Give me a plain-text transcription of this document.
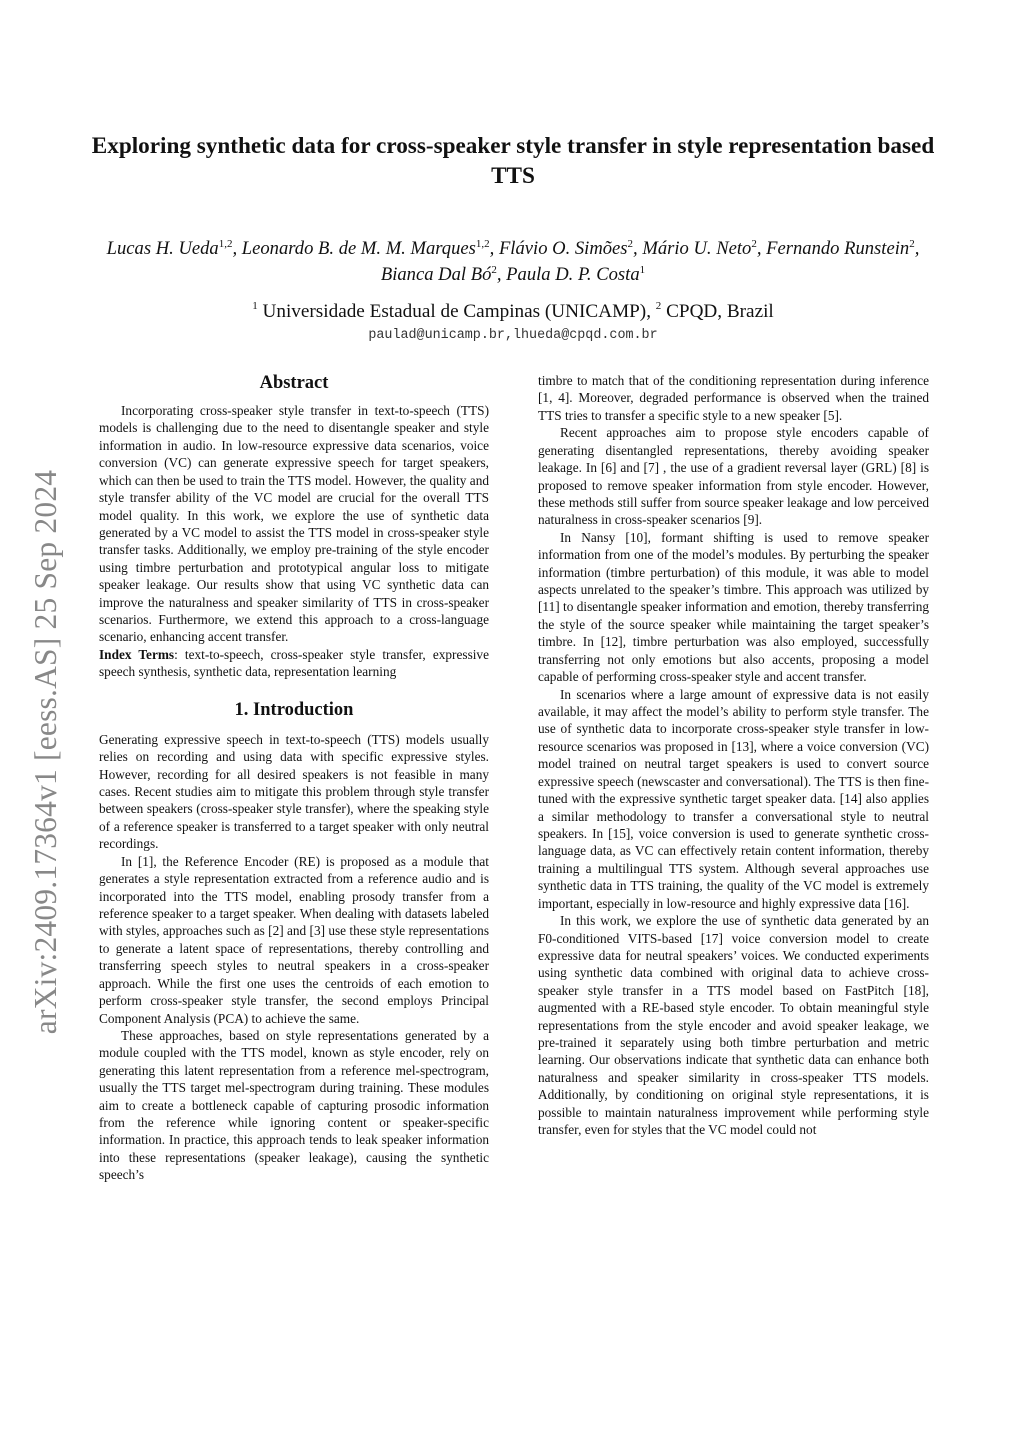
arXiv:2409.17364v1 [eess.AS] 25 Sep 2024
Exploring synthetic data for cross-speaker style transfer in style representation based TTS
Lucas H. Ueda$^{1,2}$, Leonardo B. de M. M. Marques$^{1,2}$, Flávio O. Simões$^2$, Mário U. Neto$^2$, Fernando Runstein$^2$, Bianca Dal $Bó^2$, Paula D. P. Costa$^1$
$^1$ Universidade Estadual de Campinas (UNICAMP), $^2$ CPQD, Brazil
paulad@unicamp.br,lhueda@cpqd.com.br
Abstract

Incorporating cross-speaker style transfer in text-to-speech (TTS) models is challenging due to the need to disentangle speaker and style information in audio. In low-resource expressive data scenarios, voice conversion (VC) can generate expressive speech for target speakers, which can then be used to train the TTS model. However, the quality and style transfer ability of the VC model are crucial for the overall TTS model quality. In this work, we explore the use of synthetic data generated by a VC model to assist the TTS model in cross-speaker style transfer tasks. Additionally, we employ pre-training of the style encoder using timbre perturbation and prototypical angular loss to mitigate speaker leakage. Our results show that using VC synthetic data can improve the naturalness and speaker similarity of TTS in cross-speaker scenarios. Furthermore, we extend this approach to a cross-language scenario, enhancing accent transfer.

Index Terms: text-to-speech, cross-speaker style transfer, expressive speech synthesis, synthetic data, representation learning

1. Introduction

Generating expressive speech in text-to-speech (TTS) models usually relies on recording and using data with specific expressive styles. However, recording for all desired speakers is not feasible in many cases. Recent studies aim to mitigate this problem through style transfer between speakers (cross-speaker style transfer), where the speaking style of a reference speaker is transferred to a target speaker with only neutral recordings.

In [1], the Reference Encoder (RE) is proposed as a module that generates a style representation extracted from a reference audio and is incorporated into the TTS model, enabling prosody transfer from a reference speaker to a target speaker. When dealing with datasets labeled with styles, approaches such as [2] and [3] use these style representations to generate a latent space of representations, thereby controlling and transferring speech styles to neutral speakers in a cross-speaker approach. While the first one uses the centroids of each emotion to perform cross-speaker style transfer, the second employs Principal Component Analysis (PCA) to achieve the same.

These approaches, based on style representations generated by a module coupled with the TTS model, known as style encoder, rely on generating this latent representation from a reference mel-spectrogram, usually the TTS target mel-spectrogram during training. These modules aim to create a bottleneck capable of capturing prosodic information from the reference while ignoring content or speaker-specific information. In practice, this approach tends to leak speaker information into these representations (speaker leakage), causing the synthetic speech’s

timbre to match that of the conditioning representation during inference [1, 4]. Moreover, degraded performance is observed when the trained TTS tries to transfer a specific style to a new speaker [5].

Recent approaches aim to propose style encoders capable of generating disentangled representations, thereby avoiding speaker leakage. In [6] and [7] , the use of a gradient reversal layer (GRL) [8] is proposed to remove speaker information from style encoder. However, these methods still suffer from source speaker leakage and low perceived naturalness in cross-speaker scenarios [9].

In Nansy [10], formant shifting is used to remove speaker information from one of the model’s modules. By perturbing the speaker information (timbre perturbation) of this module, it was able to model aspects unrelated to the speaker’s timbre. This approach was utilized by [11] to disentangle speaker information and emotion, thereby transferring the style of the source speaker while maintaining the target speaker’s timbre. In [12], timbre perturbation was also employed, successfully transferring not only emotions but also accents, proposing a model capable of performing cross-speaker style and accent transfer.

In scenarios where a large amount of expressive data is not easily available, it may affect the model’s ability to perform style transfer. The use of synthetic data to incorporate cross-speaker style transfer in low-resource scenarios was proposed in [13], where a voice conversion (VC) model trained on neutral target speakers is used to convert source expressive speech (newscaster and conversational). The TTS is then fine-tuned with the expressive synthetic target speaker data. [14] also applies a similar methodology to transfer a conversational style to neutral speakers. In [15], voice conversion is used to generate synthetic cross-language data, as VC can effectively retain content information, thereby training a multilingual TTS system. Although several approaches use synthetic data in TTS training, the quality of the VC model is extremely important, especially in low-resource and highly expressive data [16].

In this work, we explore the use of synthetic data generated by an F0-conditioned VITS-based [17] voice conversion model to create expressive data for neutral speakers’ voices. We conducted experiments using synthetic data combined with original data to achieve cross-speaker style transfer in a TTS model based on FastPitch [18], augmented with a RE-based style encoder. To obtain meaningful style representations from the style encoder and avoid speaker leakage, we pre-trained it separately using both timbre perturbation and metric learning. Our observations indicate that synthetic data can enhance both naturalness and speaker similarity in cross-speaker TTS models. Additionally, by conditioning on original style representations, it is possible to maintain naturalness improvement while performing style transfer, even for styles that the VC model could not
